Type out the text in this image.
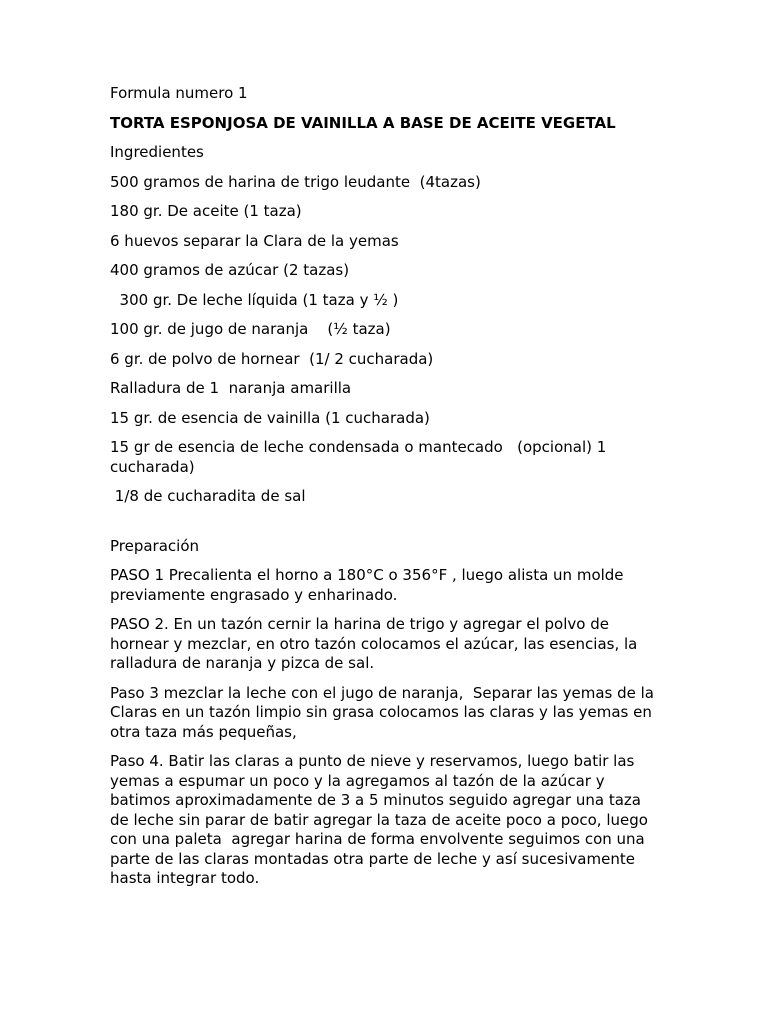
Formula numero 1

TORTA ESPONJOSA DE VAINILLA A BASE DE ACEITE VEGETAL

Ingredientes

500 gramos de harina de trigo leudante  (4tazas)

180 gr. De aceite (1 taza)

6 huevos separar la Clara de la yemas

400 gramos de azúcar (2 tazas)

300 gr. De leche líquida (1 taza y ½ )

100 gr. de jugo de naranja    (½ taza)

6 gr. de polvo de hornear  (1/ 2 cucharada)

Ralladura de 1  naranja amarilla

15 gr. de esencia de vainilla (1 cucharada)

15 gr de esencia de leche condensada o mantecado   (opcional) 1 cucharada)

1/8 de cucharadita de sal

Preparación

PASO 1 Precalienta el horno a 180°C o 356°F , luego alista un molde previamente engrasado y enharinado.

PASO 2. En un tazón cernir la harina de trigo y agregar el polvo de hornear y mezclar, en otro tazón colocamos el azúcar, las esencias, la ralladura de naranja y pizca de sal.

Paso 3 mezclar la leche con el jugo de naranja,  Separar las yemas de la Claras en un tazón limpio sin grasa colocamos las claras y las yemas en otra taza más pequeñas,

Paso 4. Batir las claras a punto de nieve y reservamos, luego batir las yemas a espumar un poco y la agregamos al tazón de la azúcar y batimos aproximadamente de 3 a 5 minutos seguido agregar una taza de leche sin parar de batir agregar la taza de aceite poco a poco, luego con una paleta  agregar harina de forma envolvente seguimos con una parte de las claras montadas otra parte de leche y así sucesivamente hasta integrar todo.
